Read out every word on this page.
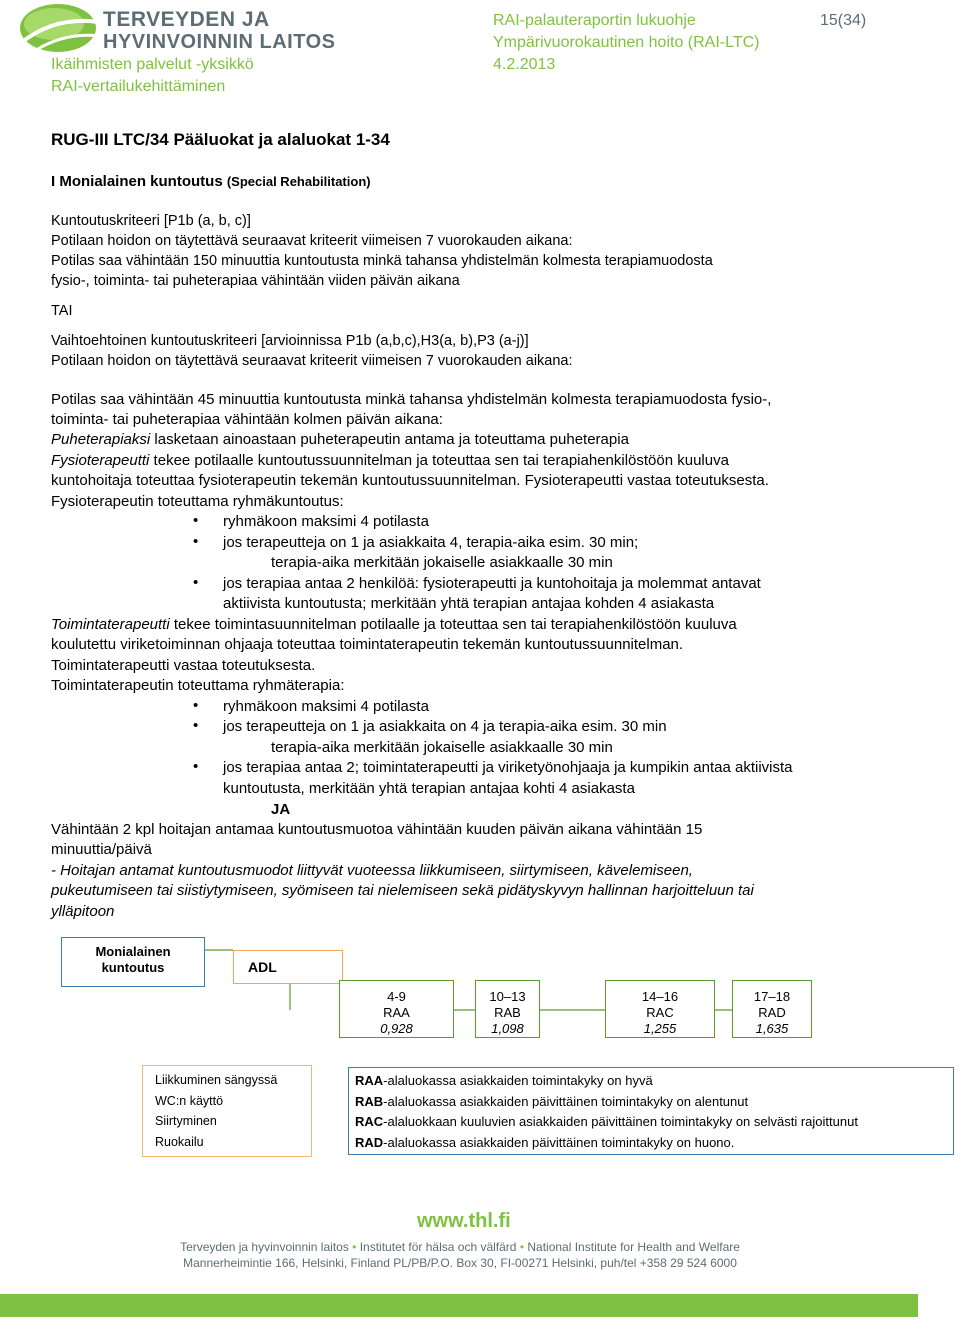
TERVEYDEN JA
HYVINVOINNIN LAITOS
Ikäihmisten palvelut -yksikkö
RAI-vertailukehittäminen
RAI-palauteraportin lukuohje
Ympärivuorokautinen hoito (RAI-LTC)
4.2.2013
15(34)
RUG-III LTC/34 Pääluokat ja alaluokat 1-34
I Monialainen kuntoutus (Special Rehabilitation)
Kuntoutuskriteeri [P1b (a, b, c)]
Potilaan hoidon on täytettävä seuraavat kriteerit viimeisen 7 vuorokauden aikana:
Potilas saa vähintään 150 minuuttia kuntoutusta minkä tahansa yhdistelmän kolmesta terapiamuodosta
fysio-, toiminta- tai puheterapiaa vähintään viiden päivän aikana
TAI
Vaihtoehtoinen kuntoutuskriteeri [arvioinnissa P1b (a,b,c),H3(a, b),P3 (a-j)]
Potilaan hoidon on täytettävä seuraavat kriteerit viimeisen 7 vuorokauden aikana:
Potilas saa vähintään 45 minuuttia kuntoutusta minkä tahansa yhdistelmän kolmesta terapiamuodosta fysio-,
toiminta- tai puheterapiaa vähintään kolmen päivän aikana:
Puheterapiaksi lasketaan ainoastaan puheterapeutin antama ja toteuttama puheterapia
Fysioterapeutti tekee potilaalle kuntoutussuunnitelman ja toteuttaa sen tai terapiahenkilöstöön kuuluva
kuntohoitaja toteuttaa fysioterapeutin tekemän kuntoutussuunnitelman. Fysioterapeutti vastaa toteutuksesta.
Fysioterapeutin toteuttama ryhmäkuntoutus:
• ryhmäkoon maksimi 4 potilasta
• jos terapeutteja on 1 ja asiakkaita 4, terapia-aika esim. 30 min;
terapia-aika merkitään jokaiselle asiakkaalle 30 min
• jos terapiaa antaa 2 henkilöä: fysioterapeutti ja kuntohoitaja ja molemmat antavat
aktiivista kuntoutusta; merkitään yhtä terapian antajaa kohden 4 asiakasta
Toimintaterapeutti tekee toimintasuunnitelman potilaalle ja toteuttaa sen tai terapiahenkilöstöön kuuluva
koulutettu viriketoiminnan ohjaaja toteuttaa toimintaterapeutin tekemän kuntoutussuunnitelman.
Toimintaterapeutti vastaa toteutuksesta.
Toimintaterapeutin toteuttama ryhmäterapia:
• ryhmäkoon maksimi 4 potilasta
• jos terapeutteja on 1 ja asiakkaita on 4 ja terapia-aika esim. 30 min
terapia-aika merkitään jokaiselle asiakkaalle 30 min
• jos terapiaa antaa 2; toimintaterapeutti ja viriketyönohjaaja ja kumpikin antaa aktiivista
kuntoutusta, merkitään yhtä terapian antajaa kohti 4 asiakasta
JA
Vähintään 2 kpl hoitajan antamaa kuntoutusmuotoa vähintään kuuden päivän aikana vähintään 15
minuuttia/päivä
- Hoitajan antamat kuntoutusmuodot liittyvät vuoteessa liikkumiseen, siirtymiseen, kävelemiseen,
pukeutumiseen tai siistiytymiseen, syömiseen tai nielemiseen sekä pidätyskyvyn hallinnan harjoitteluun tai
ylläpitoon
Monialainen
kuntoutus	ADL
4-9
RAA
0,928
10–13
RAB
1,098
14–16
RAC
1,255
17–18
RAD
1,635
Liikkuminen sängyssä
WC:n käyttö
Siirtyminen
Ruokailu
RAA-alaluokassa asiakkaiden toimintakyky on hyvä
RAB-alaluokassa asiakkaiden päivittäinen toimintakyky on alentunut
RAC-alaluokkaan kuuluvien asiakkaiden päivittäinen toimintakyky on selvästi rajoittunut
RAD-alaluokassa asiakkaiden päivittäinen toimintakyky on huono.
www.thl.fi
Terveyden ja hyvinvoinnin laitos • Institutet för hälsa och välfärd • National Institute for Health and Welfare
Mannerheimintie 166, Helsinki, Finland PL/PB/P.O. Box 30, FI-00271 Helsinki, puh/tel +358 29 524 6000
